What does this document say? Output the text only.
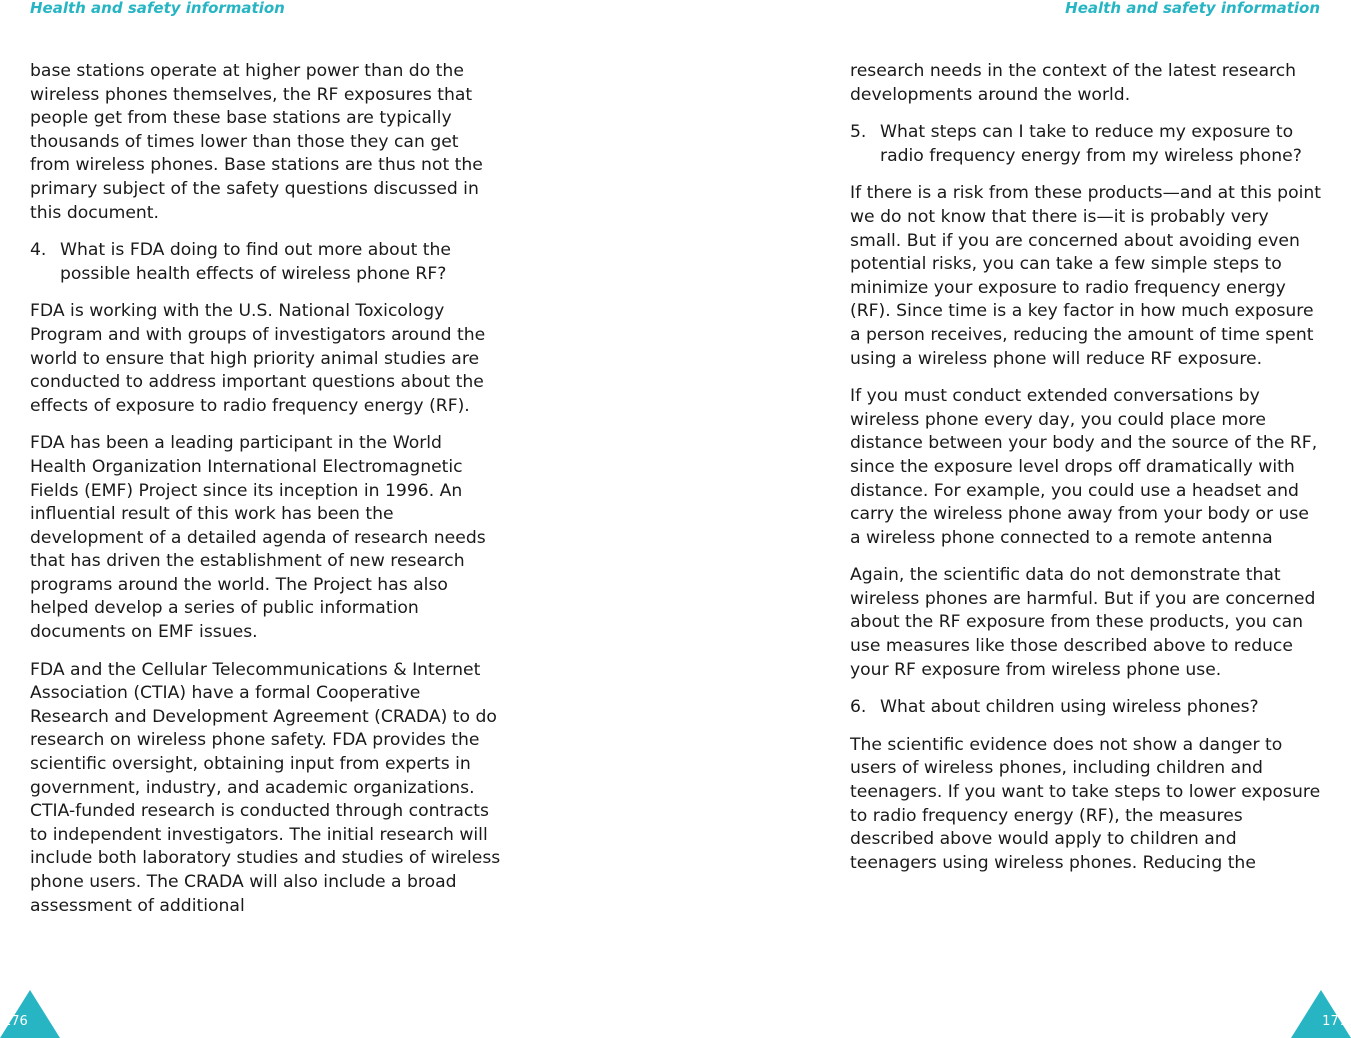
Health and safety information

base stations operate at higher power than do the wireless phones themselves, the RF exposures that people get from these base stations are typically thousands of times lower than those they can get from wireless phones. Base stations are thus not the primary subject of the safety questions discussed in this document.

4. What is FDA doing to find out more about the possible health effects of wireless phone RF?

FDA is working with the U.S. National Toxicology Program and with groups of investigators around the world to ensure that high priority animal studies are conducted to address important questions about the effects of exposure to radio frequency energy (RF).

FDA has been a leading participant in the World Health Organization International Electromagnetic Fields (EMF) Project since its inception in 1996. An influential result of this work has been the development of a detailed agenda of research needs that has driven the establishment of new research programs around the world. The Project has also helped develop a series of public information documents on EMF issues.

FDA and the Cellular Telecommunications & Internet Association (CTIA) have a formal Cooperative Research and Development Agreement (CRADA) to do research on wireless phone safety. FDA provides the scientific oversight, obtaining input from experts in government, industry, and academic organizations. CTIA-funded research is conducted through contracts to independent investigators. The initial research will include both laboratory studies and studies of wireless phone users. The CRADA will also include a broad assessment of additional

176
Health and safety information

research needs in the context of the latest research developments around the world.

5. What steps can I take to reduce my exposure to radio frequency energy from my wireless phone?

If there is a risk from these products—and at this point we do not know that there is—it is probably very small. But if you are concerned about avoiding even potential risks, you can take a few simple steps to minimize your exposure to radio frequency energy (RF). Since time is a key factor in how much exposure a person receives, reducing the amount of time spent using a wireless phone will reduce RF exposure.

If you must conduct extended conversations by wireless phone every day, you could place more distance between your body and the source of the RF, since the exposure level drops off dramatically with distance. For example, you could use a headset and carry the wireless phone away from your body or use a wireless phone connected to a remote antenna

Again, the scientific data do not demonstrate that wireless phones are harmful. But if you are concerned about the RF exposure from these products, you can use measures like those described above to reduce your RF exposure from wireless phone use.

6. What about children using wireless phones?

The scientific evidence does not show a danger to users of wireless phones, including children and teenagers. If you want to take steps to lower exposure to radio frequency energy (RF), the measures described above would apply to children and teenagers using wireless phones. Reducing the

177
